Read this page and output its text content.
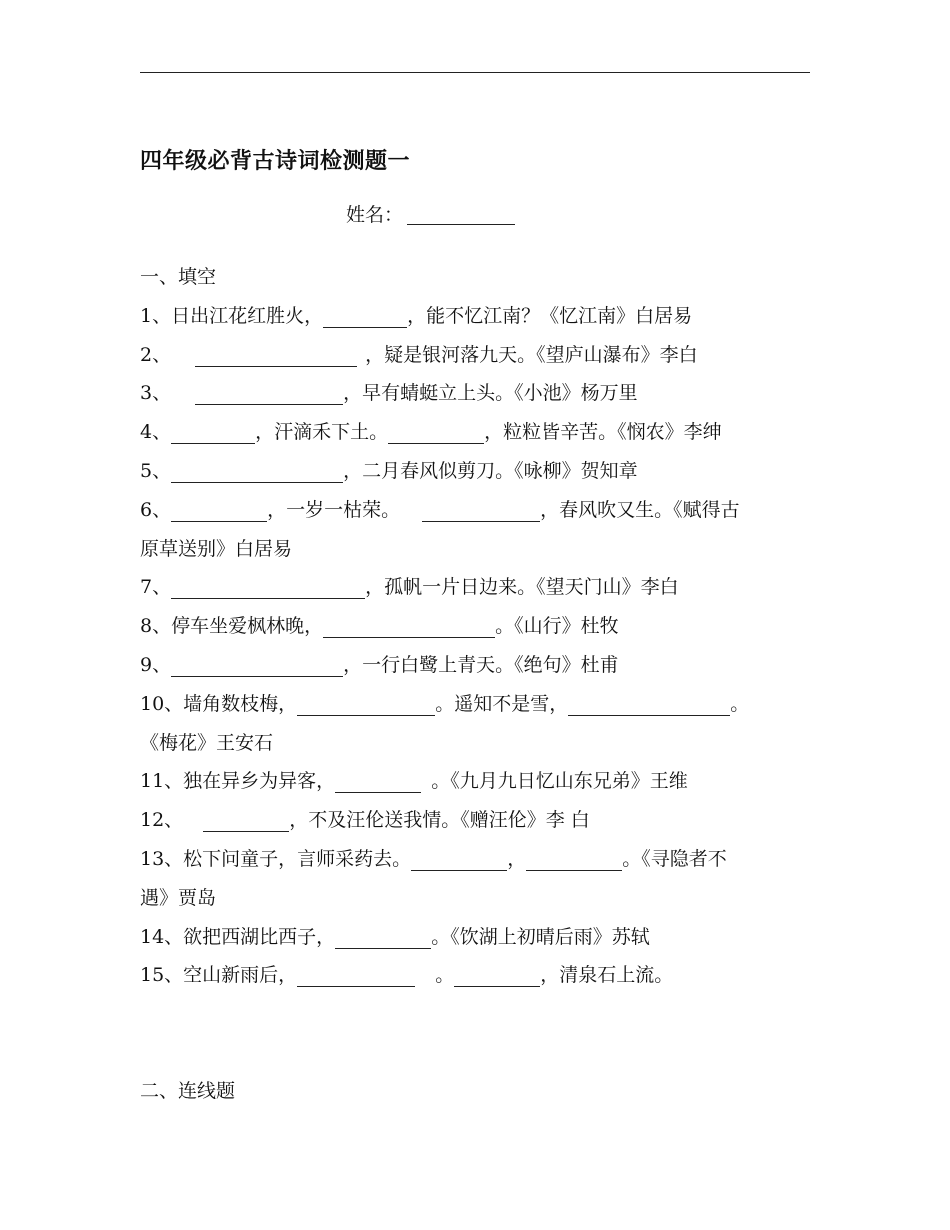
四年级必背古诗词检测题一
姓名：
一、填空
1、日出江花红胜火，	，能不忆江南？《忆江南》白居易
2、	，疑是银河落九天。《望庐山瀑布》李白
3、	，早有蜻蜓立上头。《小池》杨万里
4、	，汗滴禾下土。	，粒粒皆辛苦。《悯农》李绅
5、	，二月春风似剪刀。《咏柳》贺知章
6、	，一岁一枯荣。	，春风吹又生。《赋得古
原草送别》白居易
7、	，孤帆一片日边来。《望天门山》李白
8、停车坐爱枫林晚，	。《山行》杜牧
9、	，一行白鹭上青天。《绝句》杜甫
10、墙角数枝梅，	。遥知不是雪，	。
《梅花》王安石
11、独在异乡为异客，	。《九月九日忆山东兄弟》王维
12、	，不及汪伦送我情。《赠汪伦》李 白
13、松下问童子，言师采药去。	，	。《寻隐者不
遇》贾岛
14、欲把西湖比西子，	。《饮湖上初晴后雨》苏轼
15、空山新雨后，	。	，清泉石上流。
二、连线题
